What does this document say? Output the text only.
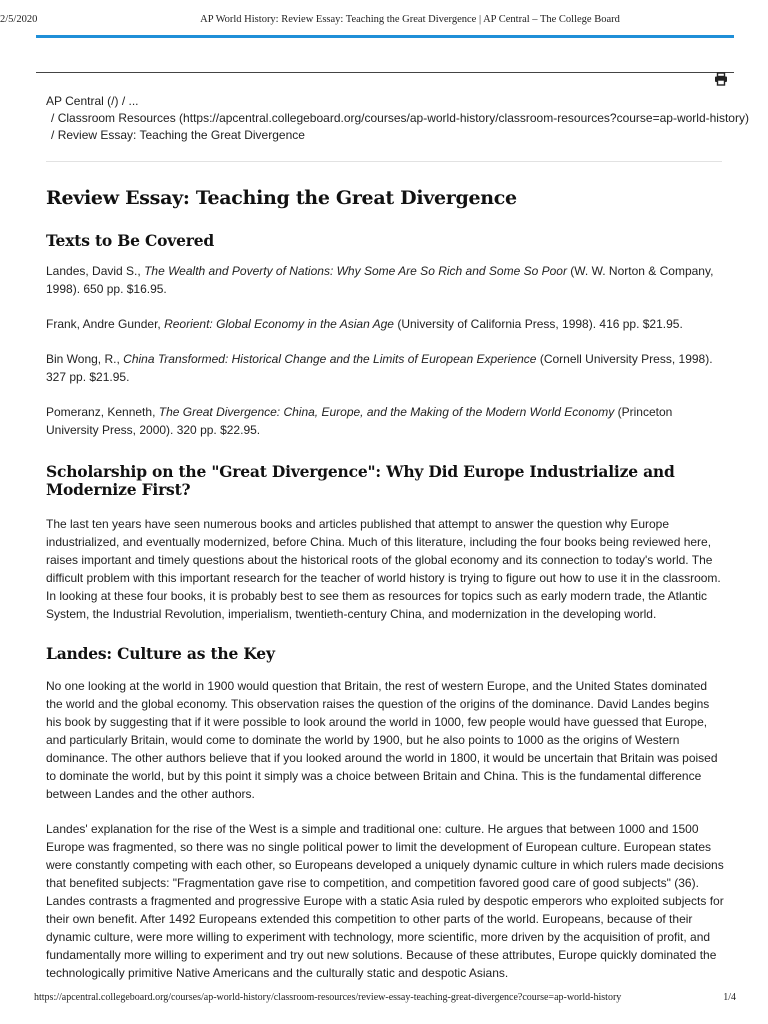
2/5/2020	AP World History: Review Essay: Teaching the Great Divergence | AP Central – The College Board
AP Central (/) / ...
/ Classroom Resources (https://apcentral.collegeboard.org/courses/ap-world-history/classroom-resources?course=ap-world-history)
/ Review Essay: Teaching the Great Divergence
Review Essay: Teaching the Great Divergence
Texts to Be Covered

Landes, David S., The Wealth and Poverty of Nations: Why Some Are So Rich and Some So Poor (W. W. Norton & Company, 1998). 650 pp. $16.95.

Frank, Andre Gunder, Reorient: Global Economy in the Asian Age (University of California Press, 1998). 416 pp. $21.95.

Bin Wong, R., China Transformed: Historical Change and the Limits of European Experience (Cornell University Press, 1998). 327 pp. $21.95.

Pomeranz, Kenneth, The Great Divergence: China, Europe, and the Making of the Modern World Economy (Princeton University Press, 2000). 320 pp. $22.95.

Scholarship on the "Great Divergence": Why Did Europe Industrialize and Modernize First?

The last ten years have seen numerous books and articles published that attempt to answer the question why Europe industrialized, and eventually modernized, before China. Much of this literature, including the four books being reviewed here, raises important and timely questions about the historical roots of the global economy and its connection to today's world. The difficult problem with this important research for the teacher of world history is trying to figure out how to use it in the classroom. In looking at these four books, it is probably best to see them as resources for topics such as early modern trade, the Atlantic System, the Industrial Revolution, imperialism, twentieth-century China, and modernization in the developing world.

Landes: Culture as the Key

No one looking at the world in 1900 would question that Britain, the rest of western Europe, and the United States dominated the world and the global economy. This observation raises the question of the origins of the dominance. David Landes begins his book by suggesting that if it were possible to look around the world in 1000, few people would have guessed that Europe, and particularly Britain, would come to dominate the world by 1900, but he also points to 1000 as the origins of Western dominance. The other authors believe that if you looked around the world in 1800, it would be uncertain that Britain was poised to dominate the world, but by this point it simply was a choice between Britain and China. This is the fundamental difference between Landes and the other authors.

Landes' explanation for the rise of the West is a simple and traditional one: culture. He argues that between 1000 and 1500 Europe was fragmented, so there was no single political power to limit the development of European culture. European states were constantly competing with each other, so Europeans developed a uniquely dynamic culture in which rulers made decisions that benefited subjects: "Fragmentation gave rise to competition, and competition favored good care of good subjects" (36). Landes contrasts a fragmented and progressive Europe with a static Asia ruled by despotic emperors who exploited subjects for their own benefit. After 1492 Europeans extended this competition to other parts of the world. Europeans, because of their dynamic culture, were more willing to experiment with technology, more scientific, more driven by the acquisition of profit, and fundamentally more willing to experiment and try out new solutions. Because of these attributes, Europe quickly dominated the technologically primitive Native Americans and the culturally static and despotic Asians.

https://apcentral.collegeboard.org/courses/ap-world-history/classroom-resources/review-essay-teaching-great-divergence?course=ap-world-history	1/4
